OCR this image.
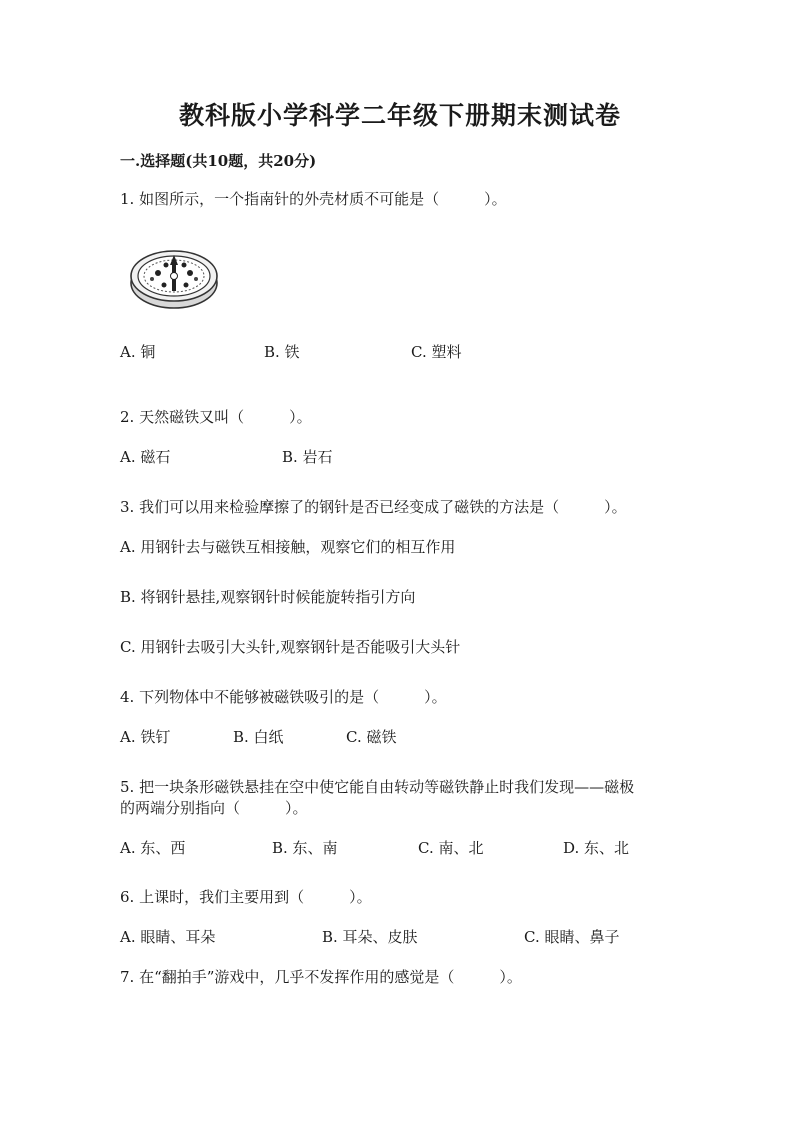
教科版小学科学二年级下册期末测试卷
一.选择题(共10题，共20分)
1. 如图所示，一个指南针的外壳材质不可能是（　　　）。
A. 铜	B. 铁	C. 塑料
2. 天然磁铁又叫（　　　）。
A. 磁石	B. 岩石
3. 我们可以用来检验摩擦了的钢针是否已经变成了磁铁的方法是（　　　）。
A. 用钢针去与磁铁互相接触，观察它们的相互作用
B. 将钢针悬挂,观察钢针时候能旋转指引方向
C. 用钢针去吸引大头针,观察钢针是否能吸引大头针
4. 下列物体中不能够被磁铁吸引的是（　　　）。
A. 铁钉	B. 白纸	C. 磁铁
5. 把一块条形磁铁悬挂在空中使它能自由转动等磁铁静止时我们发现——磁极
的两端分别指向（　　　）。
A. 东、西	B. 东、南	C. 南、北	D. 东、北
6. 上课时，我们主要用到（　　　）。
A. 眼睛、耳朵	B. 耳朵、皮肤	C. 眼睛、鼻子
7. 在“翻拍手”游戏中，几乎不发挥作用的感觉是（　　　）。
